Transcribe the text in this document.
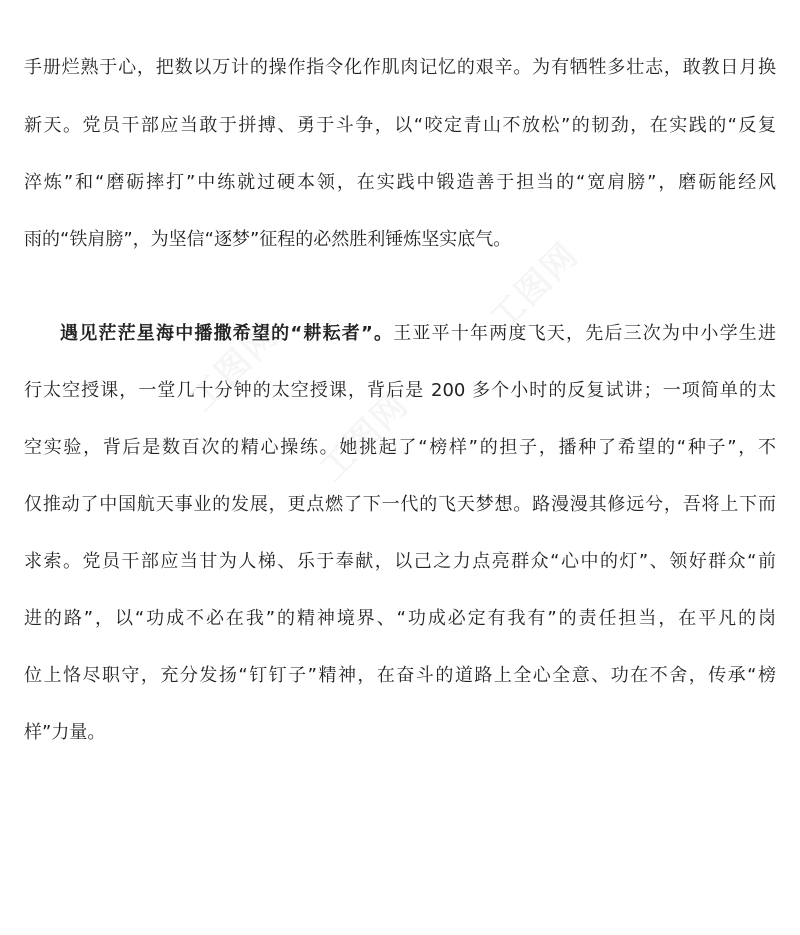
手册烂熟于心，把数以万计的操作指令化作肌肉记忆的艰辛。为有牺牲多壮志，敢教日月换
新天。党员干部应当敢于拼搏、勇于斗争，以“咬定青山不放松”的韧劲，在实践的“反复
淬炼”和“磨砺摔打”中练就过硬本领，在实践中锻造善于担当的“宽肩膀”，磨砺能经风
雨的“铁肩膀”，为坚信“逐梦”征程的必然胜利锤炼坚实底气。
遇见茫茫星海中播撒希望的“耕耘者”。王亚平十年两度飞天，先后三次为中小学生进
行太空授课，一堂几十分钟的太空授课，背后是 200 多个小时的反复试讲；一项简单的太
空实验，背后是数百次的精心操练。她挑起了“榜样”的担子，播种了希望的“种子”，不
仅推动了中国航天事业的发展，更点燃了下一代的飞天梦想。路漫漫其修远兮，吾将上下而
求索。党员干部应当甘为人梯、乐于奉献，以己之力点亮群众“心中的灯”、领好群众“前
进的路”，以“功成不必在我”的精神境界、“功成必定有我有”的责任担当，在平凡的岗
位上恪尽职守，充分发扬“钉钉子”精神，在奋斗的道路上全心全意、功在不舍，传承“榜
样”力量。
